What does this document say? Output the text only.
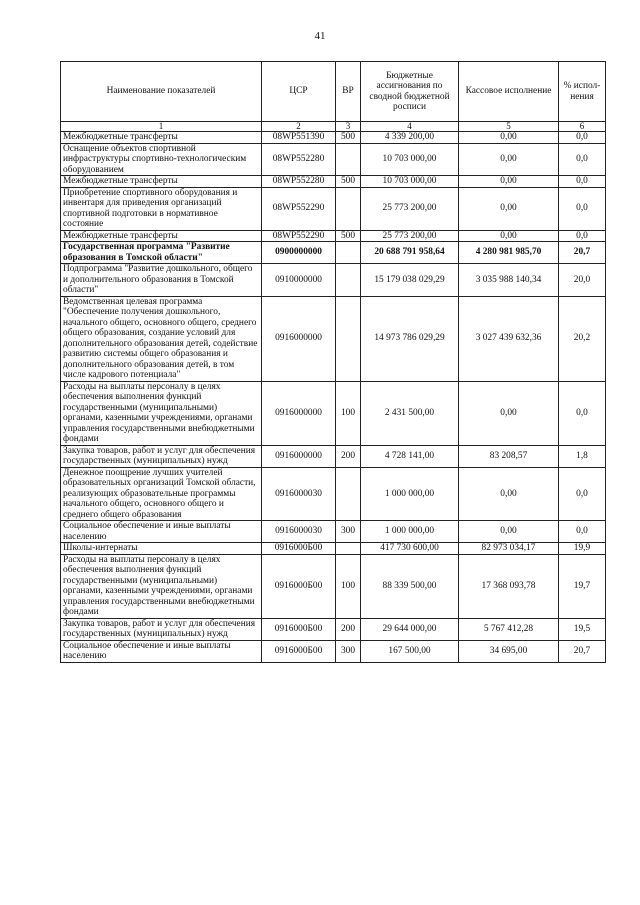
41
Наименование показателей	ЦСР	ВР	Бюджетные ассигнования по сводной бюджетной росписи	Кассовое исполнение	% испол-нения
1	2	3	4	5	6
Межбюджетные трансферты	08WP551390	500	4 339 200,00	0,00	0,0
Оснащение объектов спортивной инфраструктуры спортивно-технологическим оборудованием	08WP552280		10 703 000,00	0,00	0,0
Межбюджетные трансферты	08WP552280	500	10 703 000,00	0,00	0,0
Приобретение спортивного оборудования и инвентаря для приведения организаций спортивной подготовки в нормативное состояние	08WP552290		25 773 200,00	0,00	0,0
Межбюджетные трансферты	08WP552290	500	25 773 200,00	0,00	0,0
Государственная программа "Развитие образования в Томской области"	0900000000		20 688 791 958,64	4 280 981 985,70	20,7
Подпрограмма "Развитие дошкольного, общего и дополнительного образования в Томской области"	0910000000		15 179 038 029,29	3 035 988 140,34	20,0
Ведомственная целевая программа "Обеспечение получения дошкольного, начального общего, основного общего, среднего общего образования, создание условий для дополнительного образования детей, содействие развитию системы общего образования и дополнительного образования детей, в том числе кадрового потенциала"	0916000000		14 973 786 029,29	3 027 439 632,36	20,2
Расходы на выплаты персоналу в целях обеспечения выполнения функций государственными (муниципальными) органами, казенными учреждениями, органами управления государственными внебюджетными фондами	0916000000	100	2 431 500,00	0,00	0,0
Закупка товаров, работ и услуг для обеспечения государственных (муниципальных) нужд	0916000000	200	4 728 141,00	83 208,57	1,8
Денежное поощрение лучших учителей образовательных организаций Томской области, реализующих образовательные программы начального общего, основного общего и среднего общего образования	0916000030		1 000 000,00	0,00	0,0
Социальное обеспечение и иные выплаты населению	0916000030	300	1 000 000,00	0,00	0,0
Школы-интернаты	0916000Б00		417 730 600,00	82 973 034,17	19,9
Расходы на выплаты персоналу в целях обеспечения выполнения функций государственными (муниципальными) органами, казенными учреждениями, органами управления государственными внебюджетными фондами	0916000Б00	100	88 339 500,00	17 368 093,78	19,7
Закупка товаров, работ и услуг для обеспечения государственных (муниципальных) нужд	0916000Б00	200	29 644 000,00	5 767 412,28	19,5
Социальное обеспечение и иные выплаты населению	0916000Б00	300	167 500,00	34 695,00	20,7
